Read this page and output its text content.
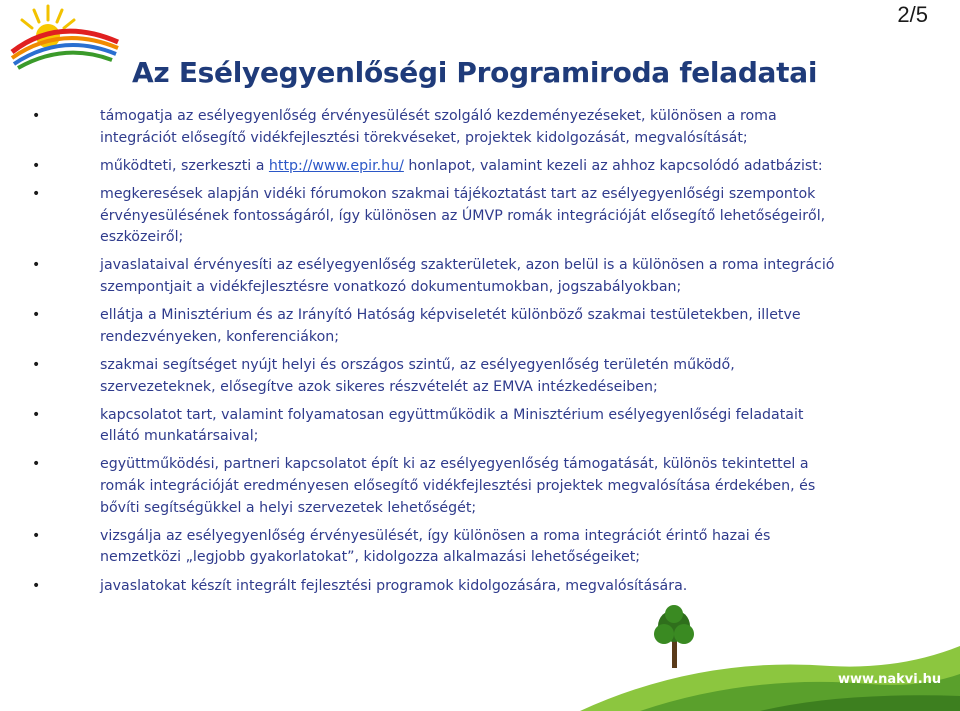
2/5
Az Esélyegyenlőségi Programiroda feladatai
•	támogatja az esélyegyenlőség érvényesülését szolgáló kezdeményezéseket, különösen a roma
integrációt elősegítő vidékfejlesztési törekvéseket, projektek kidolgozását, megvalósítását;
•	működteti, szerkeszti a http://www.epir.hu/ honlapot, valamint kezeli az ahhoz kapcsolódó adatbázist:
•	megkeresések alapján vidéki fórumokon szakmai tájékoztatást tart az esélyegyenlőségi szempontok
érvényesülésének fontosságáról, így különösen az ÚMVP romák integrációját elősegítő lehetőségeiről,
eszközeiről;
•	javaslataival érvényesíti az esélyegyenlőség szakterületek, azon belül is a különösen a roma integráció
szempontjait a vidékfejlesztésre vonatkozó dokumentumokban, jogszabályokban;
•	ellátja a Minisztérium és az Irányító Hatóság képviseletét különböző szakmai testületekben, illetve
rendezvényeken, konferenciákon;
•	szakmai segítséget nyújt helyi és országos szintű, az esélyegyenlőség területén működő,
szervezeteknek, elősegítve azok sikeres részvételét az EMVA intézkedéseiben;
•	kapcsolatot tart, valamint folyamatosan együttműködik a Minisztérium esélyegyenlőségi feladatait
ellátó munkatársaival;
•	együttműködési, partneri kapcsolatot épít ki az esélyegyenlőség támogatását, különös tekintettel a
romák integrációját eredményesen elősegítő vidékfejlesztési projektek megvalósítása érdekében, és
bővíti segítségükkel a helyi szervezetek lehetőségét;
•	vizsgálja az esélyegyenlőség érvényesülését, így különösen a roma integrációt érintő hazai és
nemzetközi „legjobb gyakorlatokat”, kidolgozza alkalmazási lehetőségeiket;
•	javaslatokat készít integrált fejlesztési programok kidolgozására, megvalósítására.
www.nakvi.hu
